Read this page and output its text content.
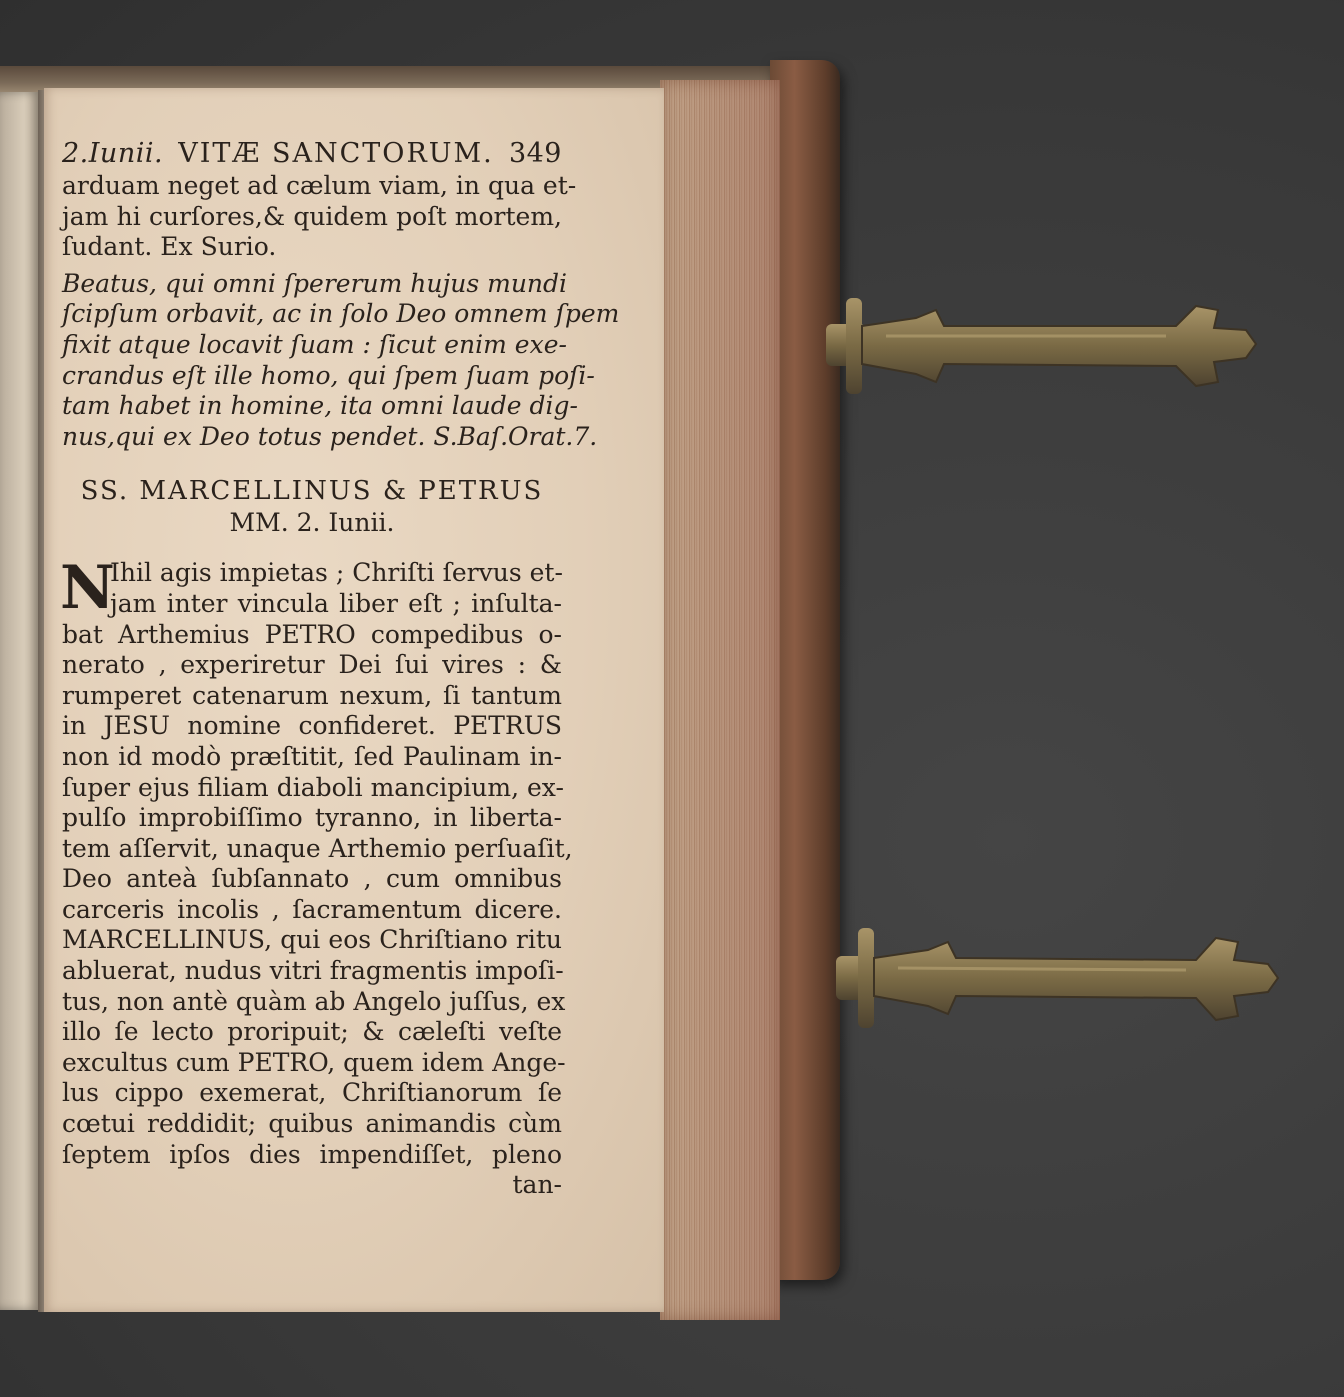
2.Iunii. VITÆ SANCTORUM. 349
arduam neget ad cælum viam, in qua et-
jam hi curſores,& quidem poſt mortem,
ſudant. Ex Surio.
Beatus, qui omni ſpererum hujus mundi
ſcipſum orbavit, ac in ſolo Deo omnem ſpem
fixit atque locavit ſuam : ſicut enim exe-
crandus eſt ille homo, qui ſpem ſuam poſi-
tam habet in homine, ita omni laude dig-
nus,qui ex Deo totus pendet. S.Baſ.Orat.7.
SS. MARCELLINUS & PETRUS
MM. 2. Iunii.
N
Ihil agis impietas ; Chriſti ſervus et-
jam inter vincula liber eſt ; inſulta-
bat Arthemius PETRO compedibus o-
nerato , experiretur Dei ſui vires : &
rumperet catenarum nexum, ſi tantum
in JESU nomine confideret. PETRUS
non id modò præſtitit, ſed Paulinam in-
ſuper ejus filiam diaboli mancipium, ex-
pulſo improbiſſimo tyranno, in liberta-
tem aſſervit, unaque Arthemio perſuaſit,
Deo anteà ſubſannato , cum omnibus
carceris incolis , ſacramentum dicere.
MARCELLINUS, qui eos Chriſtiano ritu
abluerat, nudus vitri fragmentis impoſi-
tus, non antè quàm ab Angelo juſſus, ex
illo ſe lecto proripuit; & cæleſti veſte
excultus cum PETRO, quem idem Ange-
lus cippo exemerat, Chriſtianorum ſe
cœtui reddidit; quibus animandis cùm
ſeptem ipſos dies impendiſſet, pleno
tan-
